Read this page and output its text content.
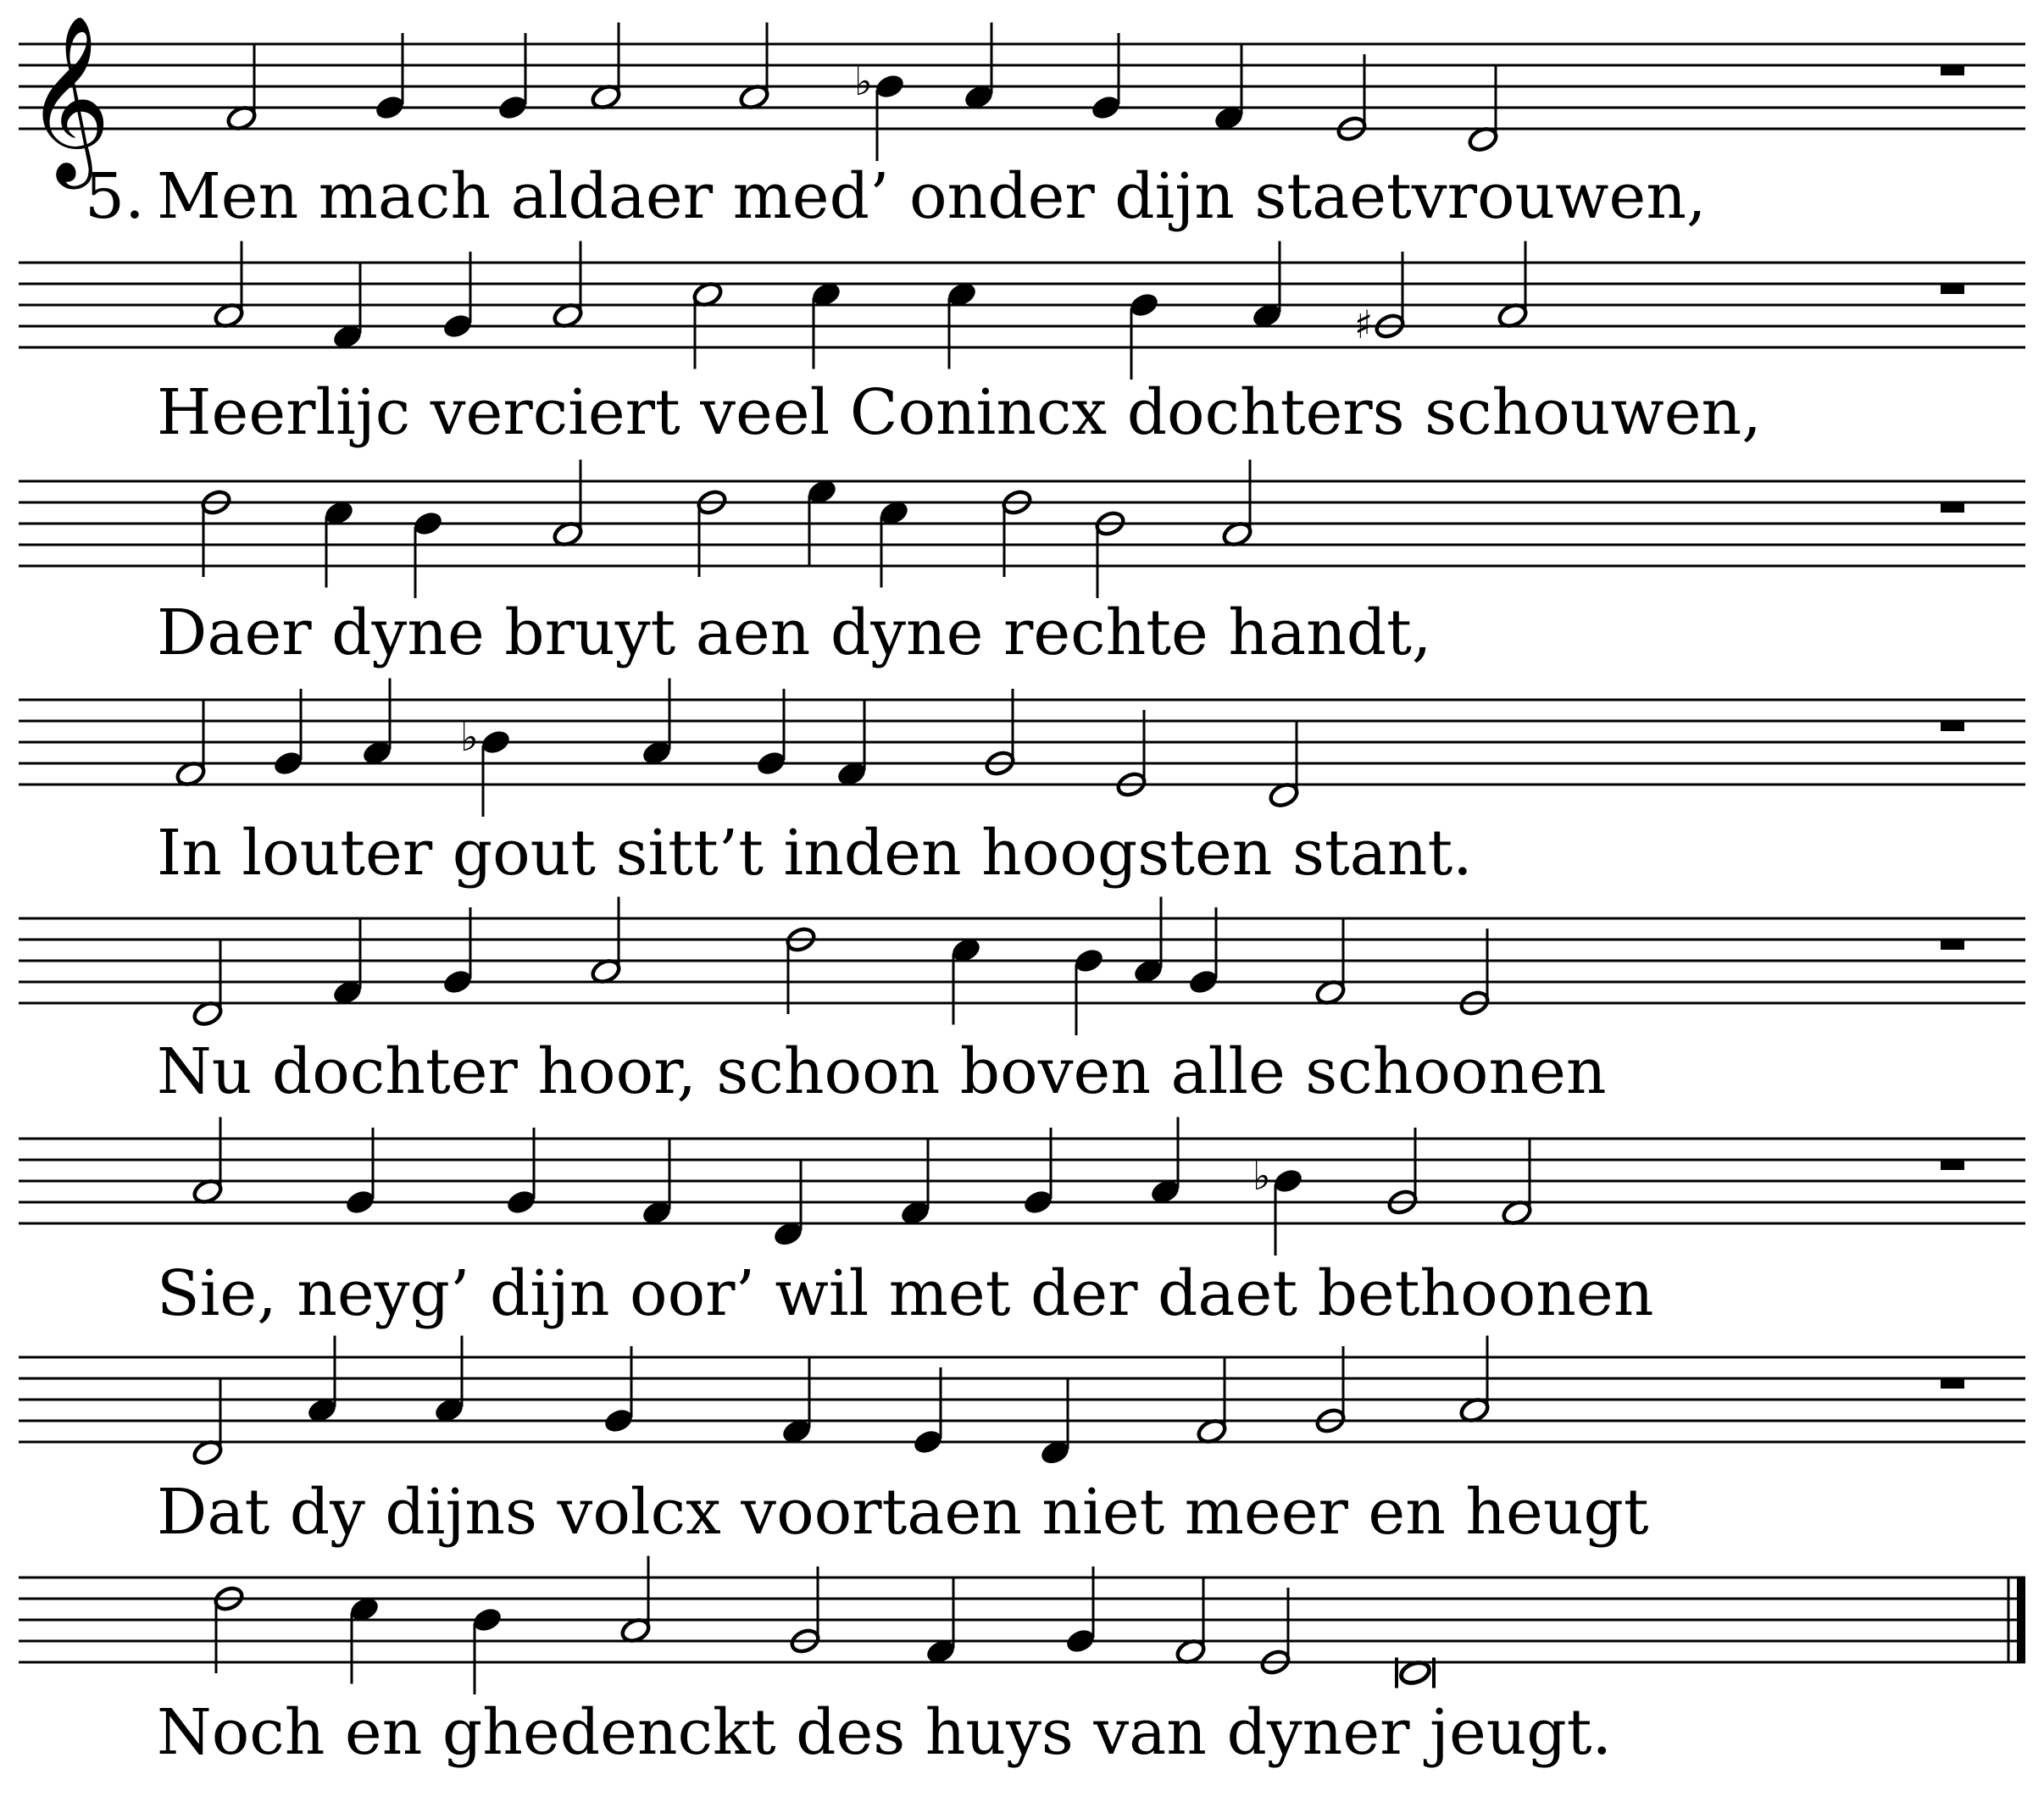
𝄞	♭
♯
♭
♭
5. Men mach aldaer med’ onder dijn staetvrouwen,
Heerlijc verciert veel Conincx dochters schouwen,
Daer dyne bruyt aen dyne rechte handt,
In louter gout sitt’t inden hoogsten stant.
Nu dochter hoor, schoon boven alle schoonen
Sie, neyg’ dijn oor’ wil met der daet bethoonen
Dat dy dijns volcx voortaen niet meer en heugt
Noch en ghedenckt des huys van dyner jeugt.
